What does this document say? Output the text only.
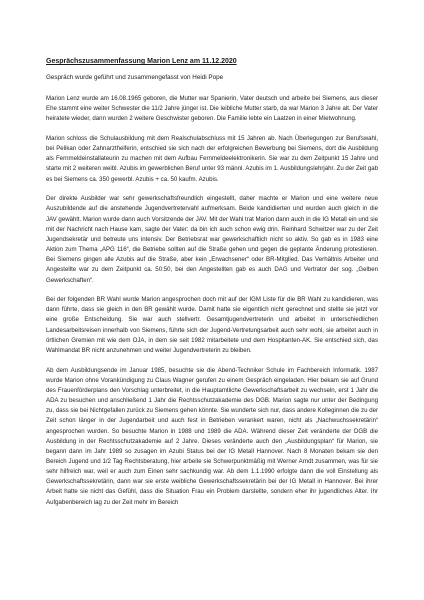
Gesprächszusammenfassung Marion Lenz am 11.12.2020
Gespräch wurde geführt und zusammengefasst von Heidi Pope

Marion Lenz wurde am 16.08.1965 geboren, die Mutter war Spanierin, Vater deutsch und arbeite bei Siemens, aus dieser Ehe stammt eine weiter Schwester die 11/2 Jahre jünger ist. Die leibliche Mutter starb, da war Marion 3 Jahre alt. Der Vater heiratete wieder, dann wurden 2 weitere Geschwister geboren. Die Familie lebte ein Laatzen in einer Mietwohnung.

Marion schloss die Schulausbildung mit dem Realschulabschluss mit 15 Jahren ab. Nach Überlegungen zur Berufswahl, bei Pelikan oder Zahnarzthelferin, entschied sie sich nach der erfolgreichen Bewerbung bei Siemens, dort die Ausbildung als Fernmeldeinstallateurin zu machen mit dem Aufbau Fernmeldeelektronikerin. Sie war zu dem Zeitpunkt 15 Jahre und starte mit 2 weiteren weibl. Azubis im gewerblichen Beruf unter 93 männl. Azubis im 1. Ausbildungslehrjahr. Zu der Zeit gab es bei Siemens ca. 350 gewerbl. Azubis + ca. 50 kaufm. Azubis.

Der direkte Ausbilder war sehr gewerkschaftsfreundlich eingestellt, daher machte er Marion und eine weitere neue Auszubildende auf die anstehende Jugendvertretervahl aufmerksam. Beide kandidierten und wurden auch gleich in die JAV gewählt. Marion wurde dann auch Vorsitzende der JAV. Mit der Wahl trat Marion dann auch in die IG Metall ein und sie mit der Nachricht nach Hause kam, sagte der Vater: da bin ich auch schon ewig drin. Reinhard Schwitzer war zu der Zeit Jugendsekretär und betreute uns intensiv. Der Betriebsrat war gewerkschaftlich nicht so aktiv. So gab es in 1983 eine Aktion zum Thema „APG 116“, die Betriebe sollten auf die Straße gehen und gegen die geplante Änderung protestieren. Bei Siemens gingen alle Azubis auf die Straße, aber kein „Erwachsener“ oder BR-Mitglied. Das Verhältnis Arbeiter und Angestellte war zu dem Zeitpunkt ca. 50:50, bei den Angestellten gab es auch DAG und Vertrator der sog. „Gelben Gewerkschaften“.

Bei der folgenden BR Wahl wurde Marion angesprochen doch mit auf der IGM Liste für die BR Wahl zu kandidieren, was dann führte, dass sie gleich in den BR gewählt wurde. Damit hatte sie eigentlich nicht gerechnet und stellte sie jetzt vor eine große Entscheidung. Sie war auch stellvertr. Gesamtjugendvertreterin und arbeitet in unterschiedlichen Landesarbeitsreisen innerhalb von Siemens, führte sich der Jugend-Vertretungsarbeit auch sehr wohl, sie arbeitet auch in örtlichen Gremien mit wie dem OJA, in dem sie seit 1982 mitarbeitete und dem Hospitanten-AK. Sie entschied sich, das Wahlmandat BR nicht anzunehmen und weiter Jugendvertreterin zu bleiben.

Ab dem Ausbildungsende im Januar 1985, besuchte sie die Abend-Techniker Schule im Fachbereich Informatik. 1987 wurde Marion ohne Vorankündigung zu Claus Wagner gerufen zu einem Gespräch eingeladen. Hier bekam sie auf Grund des Frauenförderplans den Vorschlag unterbreitet, in die Hauptamtliche Gewerkschaftsarbeit zu wechseln, erst 1 Jahr die ADA zu besuchen und anschließend 1 Jahr die Rechtsschutzakademie des DGB. Marion sagte nur unter der Bedingung zu, dass sie bei Nichtgefallen zurück zu Siemens gehen könnte. Sie wunderte sich nur, dass andere Kolleginnen die zu der Zeit schon länger in der Jugendarbeit und auch fest in Betrieben verankert waren, nicht als „Nachwuchssekretärin“ angesprochen wurden. So besuchte Marion in 1988 und 1989 die ADA. Während dieser Zeit veränderte der DGB die Ausbildung in der Rechtsschutzakademie auf 2 Jahre. Dieses veränderte auch den „Ausbildungsplan“ für Marion, sie begann dann im Jahr 1989 so zusagen im Azubi Status bei der IG Metall Hannover. Nach 8 Monaten bekam sie den Bereich Jugend und 1/2 Tag Rechtsberatung, hier arbeite sie Schwerpunktmäßig mit Werner Arndt zusammen, was für sie sehr hilfreich war, weil er auch zum Einen sehr sachkundig war. Ab dem 1.1.1990 erfolgte dann die voll Einstellung als Gewerkschaftssekretärin, dann war sie erste weibliche Gewerkschaftssekretärin bei der IG Metall in Hannover. Bei ihrer Arbeit hatte sie nicht das Gefühl, dass die Situation Frau ein Problem darstellte, sondern eher ihr jugendliches Alter. Ihr Aufgabenbereich lag zu der Zeit mehr im Bereich
